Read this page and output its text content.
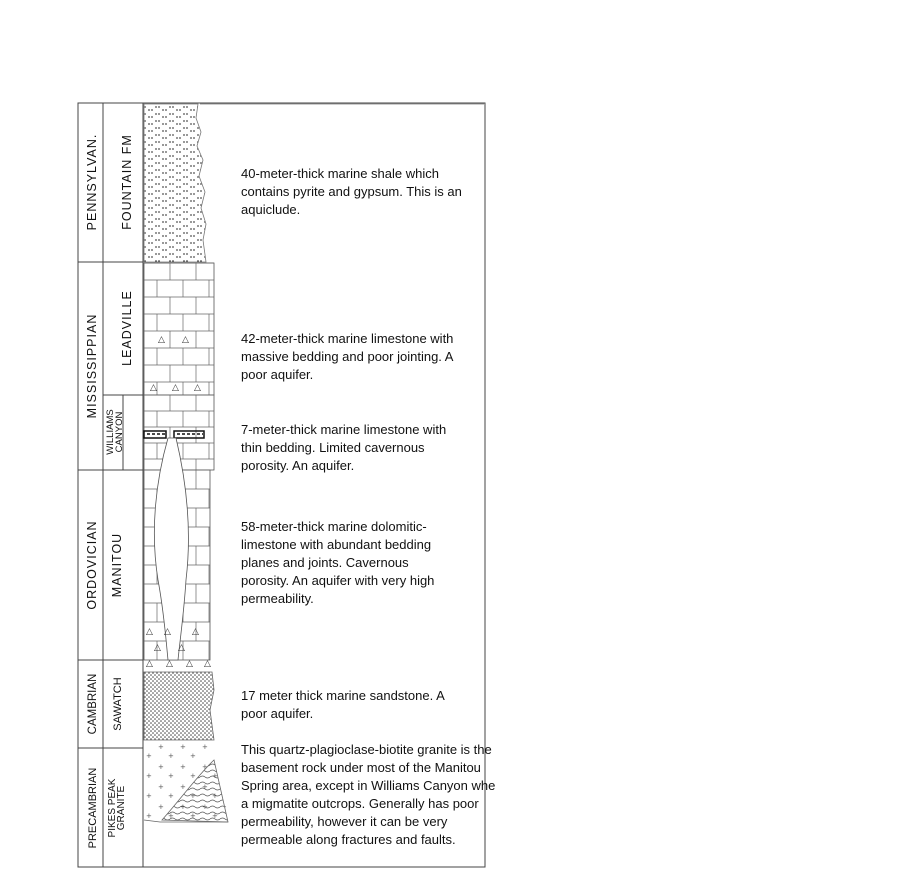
PENNSYLVAN.
MISSISSIPPIAN
ORDOVICIAN
CAMBRIAN
PRECAMBRIAN
FOUNTAIN FM
LEADVILLE
WILLIAMS
CANYON
MANITOU
SAWATCH
PIKES PEAK
GRANITE
△ △
△ △ △
△ △ △
△ △
△ △ △ △
40-meter-thick marine shale which
contains pyrite and gypsum. This is an
aquiclude.
42-meter-thick marine limestone with
massive bedding and poor jointing. A
poor aquifer.
7-meter-thick marine limestone with
thin bedding. Limited cavernous
porosity. An aquifer.
58-meter-thick marine dolomitic-
limestone with abundant bedding
planes and joints. Cavernous
porosity. An aquifer with very high
permeability.
17 meter thick marine sandstone. A
poor aquifer.
This quartz-plagioclase-biotite granite is the
basement rock under most of the Manitou
Spring area, except in Williams Canyon whe
a migmatite outcrops. Generally has poor
permeability, however it can be very
permeable along fractures and faults.
